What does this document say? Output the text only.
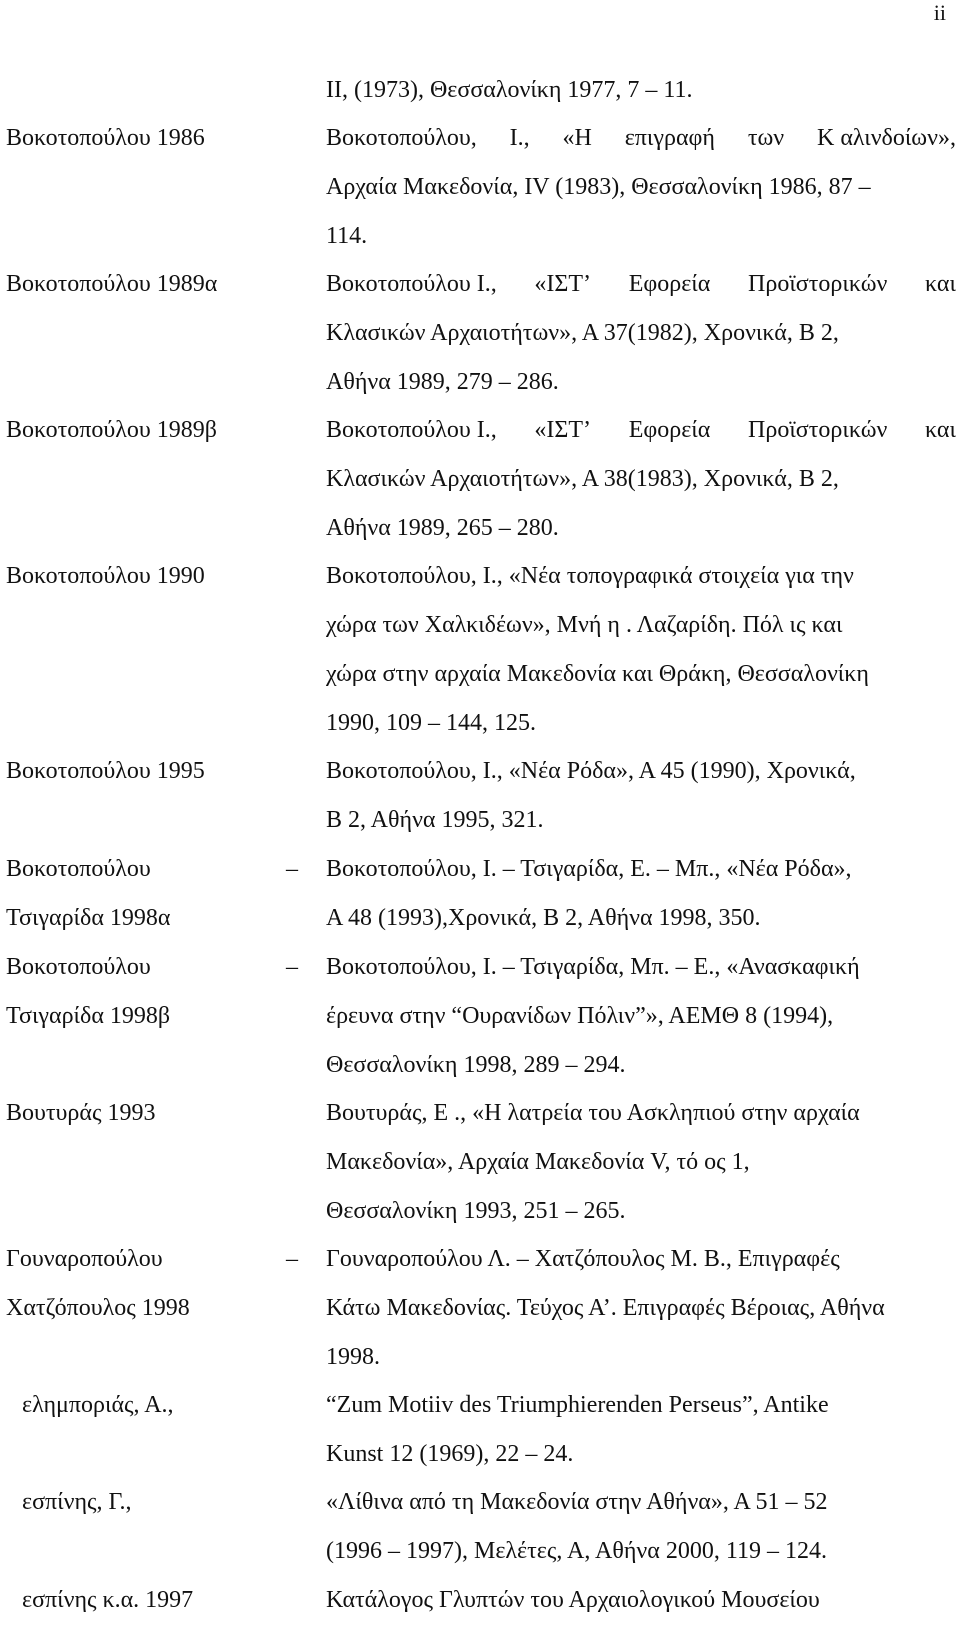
ii
ΙΙ, (1973), Θεσσαλονίκη 1977, 7 – 11.
Βοκοτοπούλου 1986	Βοκοτοπούλου, Ι., «Η επιγραφή των Κ αλινδοίων»,
Αρχαία Μακεδονία, ΙV (1983), Θεσσαλονίκη 1986, 87 –
114.
Βοκοτοπούλου 1989α	Βοκοτοπούλου Ι., «ΙΣΤ’ Εφορεία Προϊστορικών και
Κλασικών Αρχαιοτήτων», Α 37(1982), Χρονικά, Β 2,
Αθήνα 1989, 279 – 286.
Βοκοτοπούλου 1989β	Βοκοτοπούλου Ι., «ΙΣΤ’ Εφορεία Προϊστορικών και
Κλασικών Αρχαιοτήτων», Α 38(1983), Χρονικά, Β 2,
Αθήνα 1989, 265 – 280.
Βοκοτοπούλου 1990	Βοκοτοπούλου, Ι., «Νέα τοπογραφικά στοιχεία για την
χώρα των Χαλκιδέων», Μνή η . Λαζαρίδη. Πόλ ις και
χώρα στην αρχαία Μακεδονία και Θράκη, Θεσσαλονίκη
1990, 109 – 144, 125.
Βοκοτοπούλου 1995	Βοκοτοπούλου, Ι., «Νέα Ρόδα», Α 45 (1990), Χρονικά,
Β 2, Αθήνα 1995, 321.
Βοκοτοπούλου	– Βοκοτοπούλου, Ι. – Τσιγαρίδα, Ε. – Μπ., «Νέα Ρόδα»,
Τσιγαρίδα 1998α	Α 48 (1993),Χρονικά, Β 2, Αθήνα 1998, 350.
Βοκοτοπούλου	– Βοκοτοπούλου, Ι. – Τσιγαρίδα, Μπ. – Ε., «Ανασκαφική
Τσιγαρίδα 1998β	έρευνα στην “Ουρανίδων Πόλιν”», ΑΕΜΘ 8 (1994),
Θεσσαλονίκη 1998, 289 – 294.
Βουτυράς 1993	Βουτυράς, Ε ., «Η λατρεία του Ασκληπιού στην αρχαία
Μακεδονία», Αρχαία Μακεδονία V, τό ος 1,
Θεσσαλονίκη 1993, 251 – 265.
Γουναροπούλου	– Γουναροπούλου Λ. – Χατζόπουλος Μ. Β., Επιγραφές
Χατζόπουλος 1998	Κάτω Μακεδονίας. Τεύχος Α’. Επιγραφές Βέροιας, Αθήνα
1998.
ελημποριάς, Α.,	“Zum Motiiv des Triumphierenden Perseus”, Antike
Kunst 12 (1969), 22 – 24.
εσπίνης, Γ.,	«Λίθινα από τη Μακεδονία στην Αθήνα», Α 51 – 52
(1996 – 1997), Μελέτες, Α, Αθήνα 2000, 119 – 124.
εσπίνης κ.α. 1997	Κατάλογος Γλυπτών του Αρχαιολογικού Μουσείου
